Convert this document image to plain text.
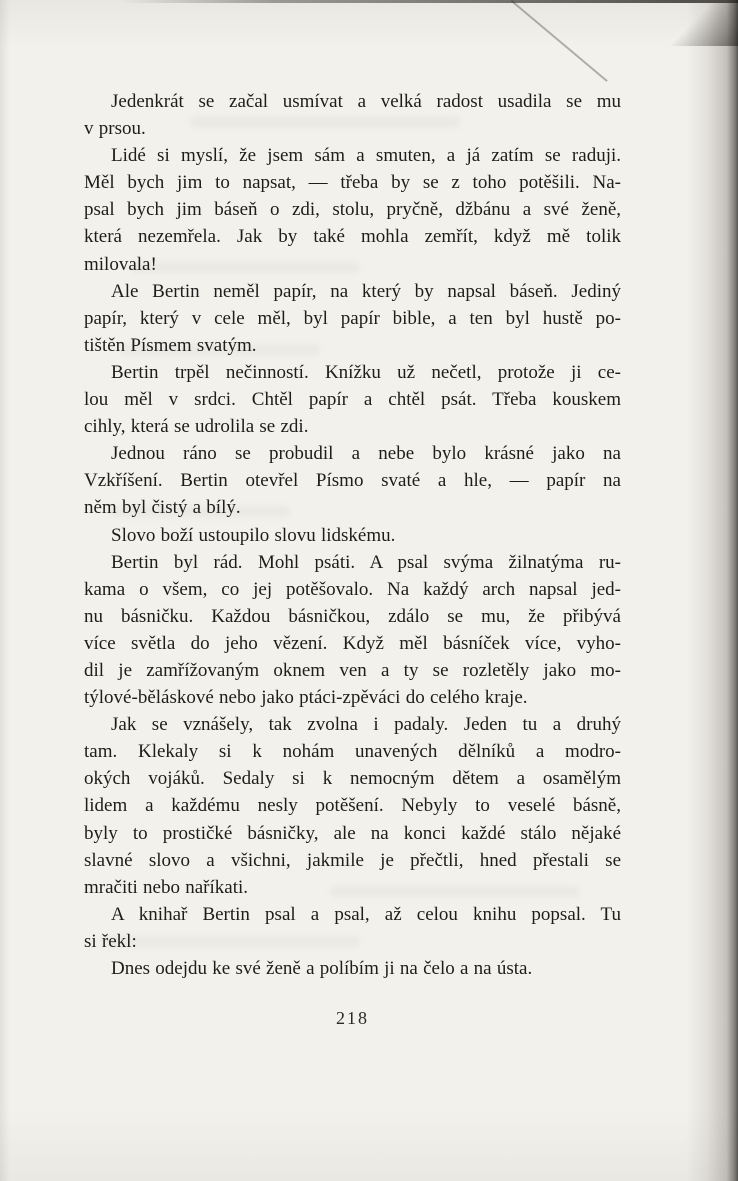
Jedenkrát se začal usmívat a velká radost usadila se mu
v prsou.
Lidé si myslí, že jsem sám a smuten, a já zatím se raduji.
Měl bych jim to napsat, — třeba by se z toho potěšili. Na-
psal bych jim báseň o zdi, stolu, pryčně, džbánu a své ženě,
která nezemřela. Jak by také mohla zemřít, když mě tolik
milovala!
Ale Bertin neměl papír, na který by napsal báseň. Jediný
papír, který v cele měl, byl papír bible, a ten byl hustě po-
tištěn Písmem svatým.
Bertin trpěl nečinností. Knížku už nečetl, protože ji ce-
lou měl v srdci. Chtěl papír a chtěl psát. Třeba kouskem
cihly, která se udrolila se zdi.
Jednou ráno se probudil a nebe bylo krásné jako na
Vzkříšení. Bertin otevřel Písmo svaté a hle, — papír na
něm byl čistý a bílý.
Slovo boží ustoupilo slovu lidskému.
Bertin byl rád. Mohl psáti. A psal svýma žilnatýma ru-
kama o všem, co jej potěšovalo. Na každý arch napsal jed-
nu básničku. Každou básničkou, zdálo se mu, že přibývá
více světla do jeho vězení. Když měl básníček více, vyho-
dil je zamřížovaným oknem ven a ty se rozletěly jako mo-
týlové-běláskové nebo jako ptáci-zpěváci do celého kraje.
Jak se vznášely, tak zvolna i padaly. Jeden tu a druhý
tam. Klekaly si k nohám unavených dělníků a modro-
okých vojáků. Sedaly si k nemocným dětem a osamělým
lidem a každému nesly potěšení. Nebyly to veselé básně,
byly to prostičké básničky, ale na konci každé stálo nějaké
slavné slovo a všichni, jakmile je přečtli, hned přestali se
mračiti nebo naříkati.
A knihař Bertin psal a psal, až celou knihu popsal. Tu
si řekl:
Dnes odejdu ke své ženě a políbím ji na čelo a na ústa.
218
